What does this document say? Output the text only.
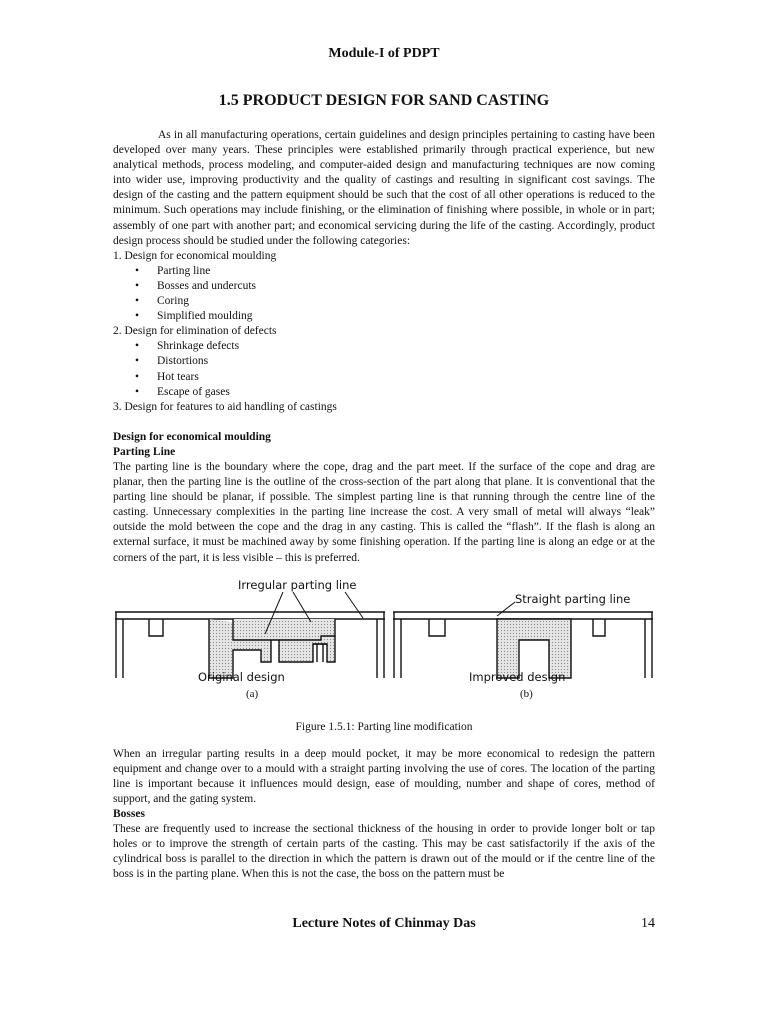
Module-I of PDPT
1.5 PRODUCT DESIGN FOR SAND CASTING

As in all manufacturing operations, certain guidelines and design principles pertaining to casting have been developed over many years. These principles were established primarily through practical experience, but new analytical methods, process modeling, and computer-aided design and manufacturing techniques are now coming into wider use, improving productivity and the quality of castings and resulting in significant cost savings. The design of the casting and the pattern equipment should be such that the cost of all other operations is reduced to the minimum. Such operations may include finishing, or the elimination of finishing where possible, in whole or in part; assembly of one part with another part; and economical servicing during the life of the casting. Accordingly, product design process should be studied under the following categories:

1. Design for economical moulding
•	Parting line
•	Bosses and undercuts
•	Coring
•	Simplified moulding
2. Design for elimination of defects
•	Shrinkage defects
•	Distortions
•	Hot tears
•	Escape of gases
3. Design for features to aid handling of castings
Design for economical moulding
Parting Line

The parting line is the boundary where the cope, drag and the part meet. If the surface of the cope and drag are planar, then the parting line is the outline of the cross-section of the part along that plane. It is conventional that the parting line should be planar, if possible. The simplest parting line is that running through the centre line of the casting. Unnecessary complexities in the parting line increase the cost. A very small of metal will always “leak” outside the mold between the cope and the drag in any casting. This is called the “flash”. If the flash is along an external surface, it must be machined away by some finishing operation. If the parting line is along an edge or at the corners of the part, it is less visible – this is preferred.

Irregular parting line
Straight parting line
Original design	Improved design
(a)	(b)
Figure 1.5.1: Parting line modification

When an irregular parting results in a deep mould pocket, it may be more economical to redesign the pattern equipment and change over to a mould with a straight parting involving the use of cores. The location of the parting line is important because it influences mould design, ease of moulding, number and shape of cores, method of support, and the gating system.

Bosses

These are frequently used to increase the sectional thickness of the housing in order to provide longer bolt or tap holes or to improve the strength of certain parts of the casting. This may be cast satisfactorily if the axis of the cylindrical boss is parallel to the direction in which the pattern is drawn out of the mould or if the centre line of the boss is in the parting plane. When this is not the case, the boss on the pattern must be

Lecture Notes of Chinmay Das	14
